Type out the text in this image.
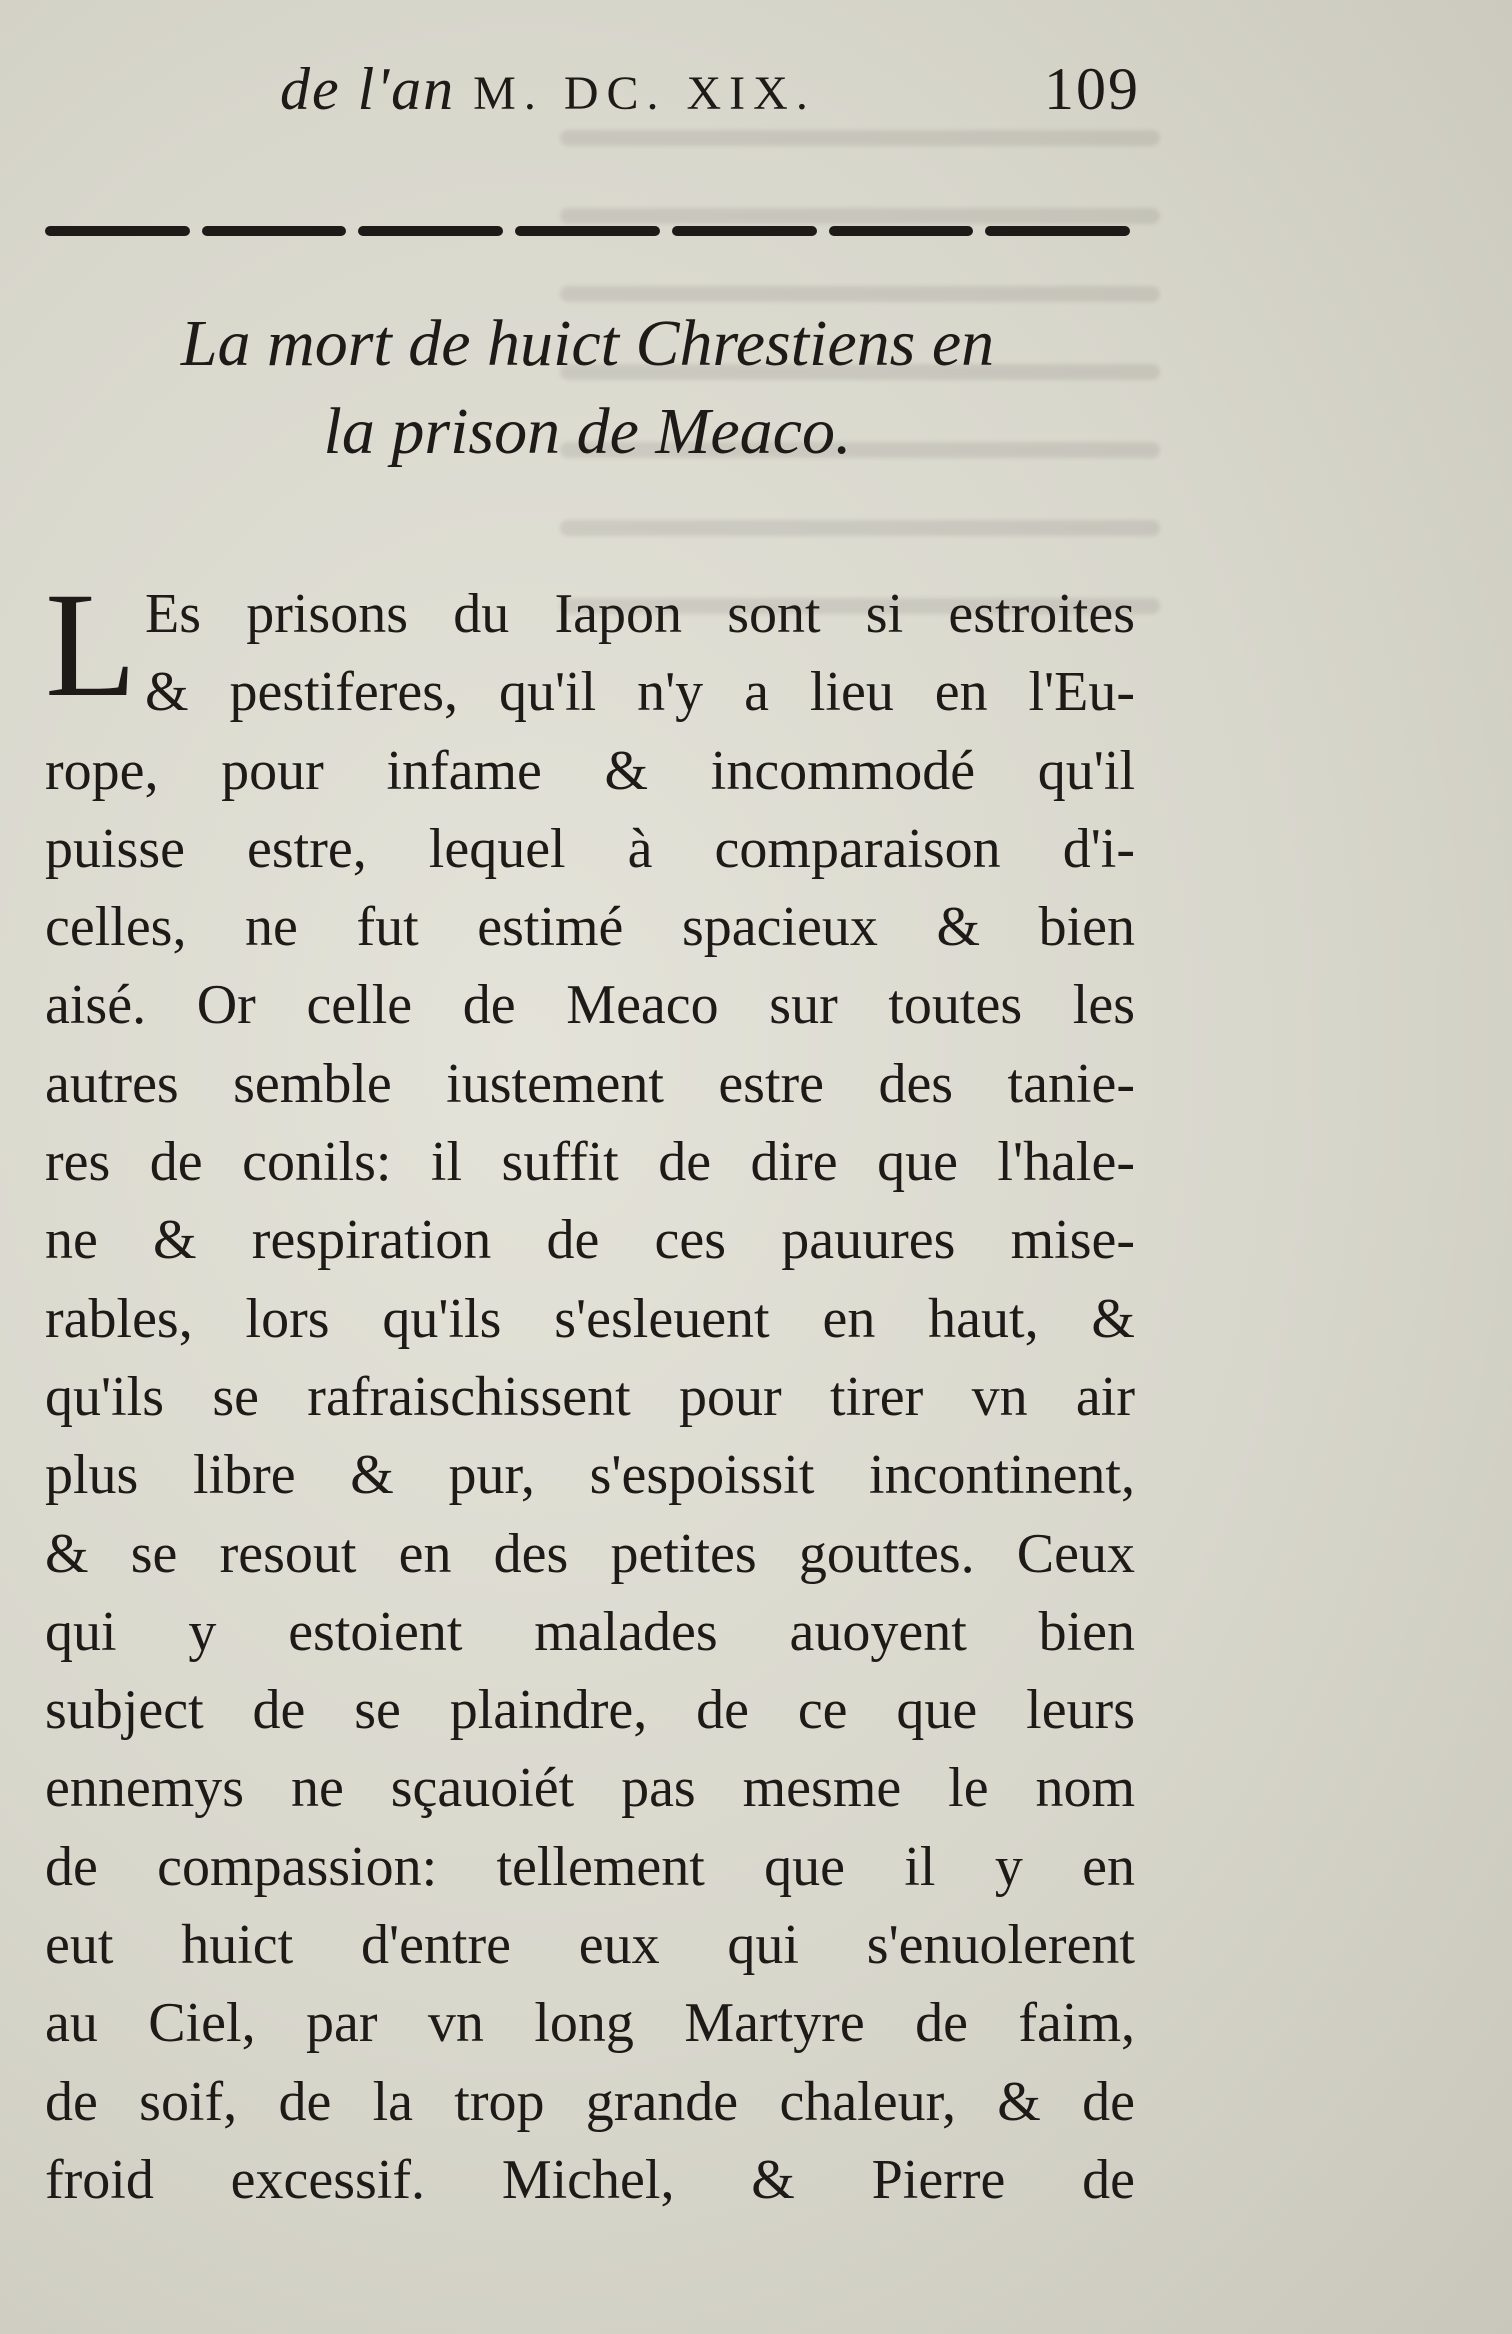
de l'an M. DC. XIX.	109
La mort de huict Chrestiens en
la prison de Meaco.
L Es prisons du Iapon sont si estroites
& pestiferes, qu'il n'y a lieu en l'Eu-
rope, pour infame & incommodé qu'il
puisse estre, lequel à comparaison d'i-
celles, ne fut estimé spacieux & bien
aisé. Or celle de Meaco sur toutes les
autres semble iustement estre des tanie-
res de conils: il suffit de dire que l'hale-
ne & respiration de ces pauures mise-
rables, lors qu'ils s'esleuent en haut, &
qu'ils se rafraischissent pour tirer vn air
plus libre & pur, s'espoissit incontinent,
& se resout en des petites gouttes. Ceux
qui y estoient malades auoyent bien
subject de se plaindre, de ce que leurs
ennemys ne sçauoiét pas mesme le nom
de compassion: tellement que il y en
eut huict d'entre eux qui s'enuolerent
au Ciel, par vn long Martyre de faim,
de soif, de la trop grande chaleur, & de
froid excessif. Michel, & Pierre de
